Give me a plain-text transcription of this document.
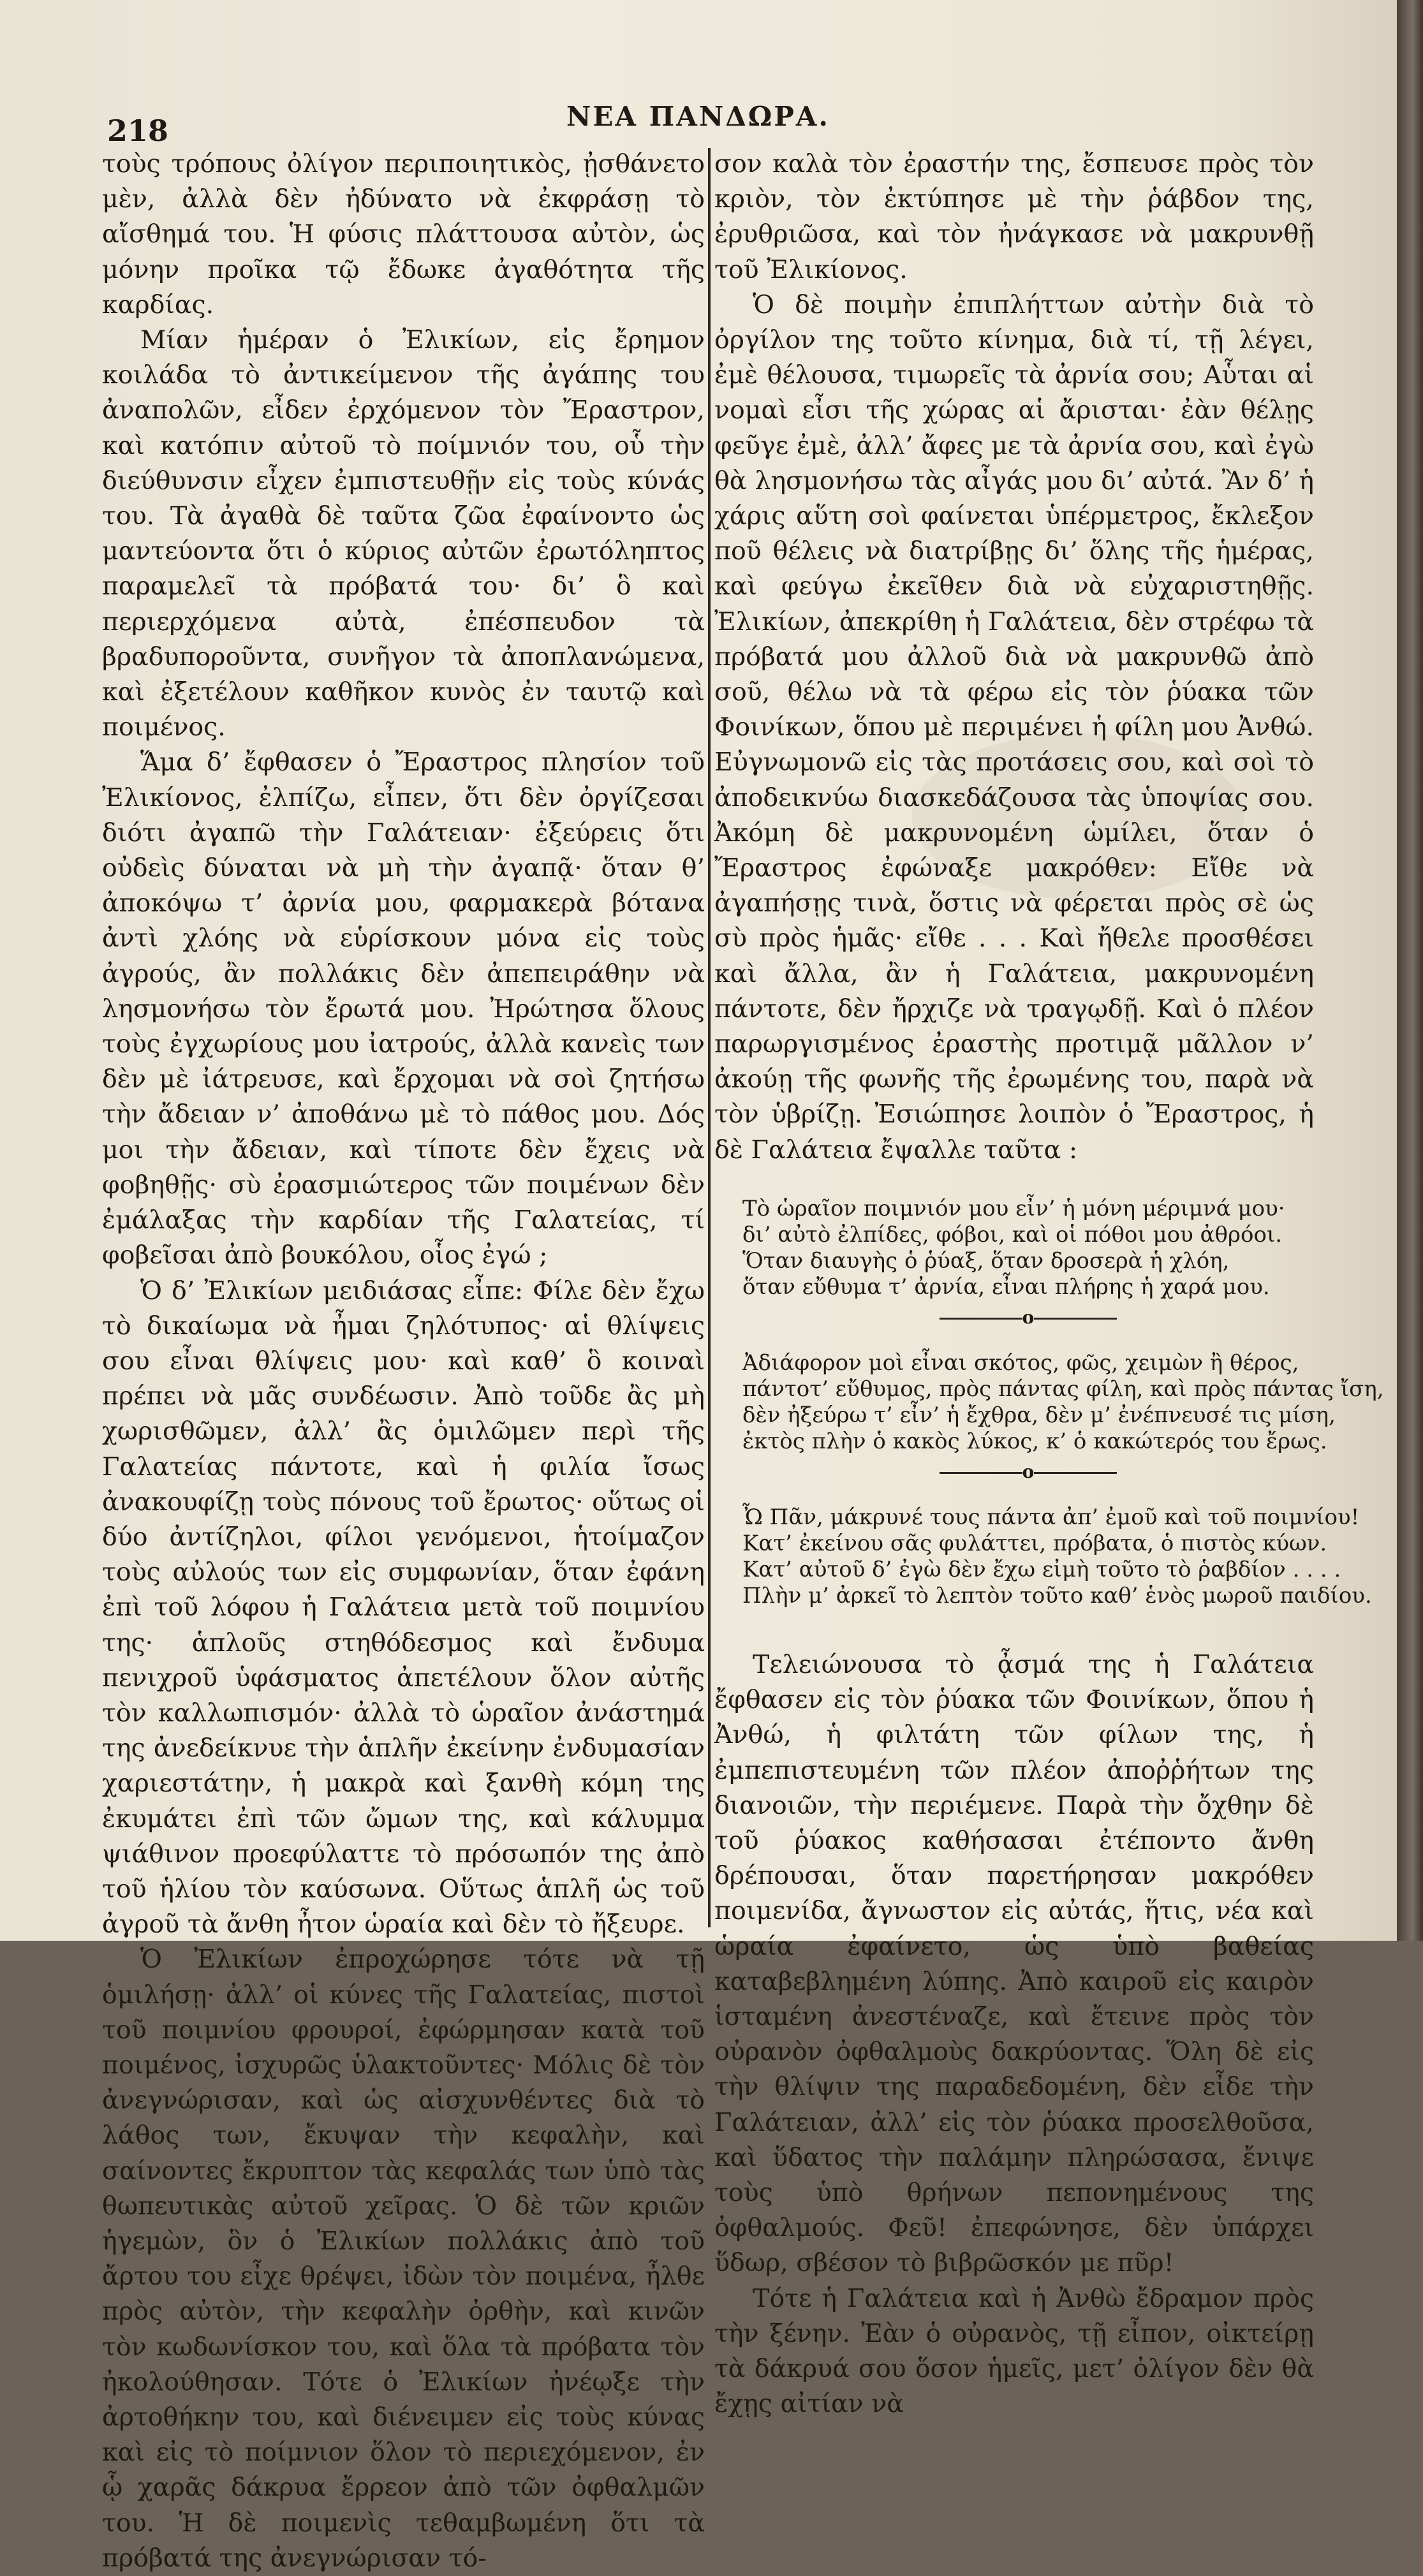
218	ΝΕΑ ΠΑΝΔΩΡΑ.

τοὺς τρόπους ὀλίγον περιποιητικὸς, ᾐσθάνετο μὲν, ἀλλὰ δὲν ἠδύνατο νὰ ἐκφράσῃ τὸ αἴσθημά του. Ἡ φύσις πλάττουσα αὐτὸν, ὡς μόνην προῖκα τῷ ἔδωκε ἀγαθότητα τῆς καρδίας.

Μίαν ἡμέραν ὁ Ἐλικίων, εἰς ἔρημον κοιλάδα τὸ ἀντικείμενον τῆς ἀγάπης του ἀναπολῶν, εἶδεν ἐρχόμενον τὸν Ἔραστρον, καὶ κατόπιν αὐτοῦ τὸ ποίμνιόν του, οὗ τὴν διεύθυνσιν εἶχεν ἐμπιστευθῇν εἰς τοὺς κύνάς του. Τὰ ἀγαθὰ δὲ ταῦτα ζῶα ἐφαίνοντο ὡς μαντεύοντα ὅτι ὁ κύριος αὐτῶν ἐρωτόληπτος παραμελεῖ τὰ πρόβατά του· δι’ ὃ καὶ περιερχόμενα αὐτὰ, ἐπέσπευδον τὰ βραδυποροῦντα, συνῆγον τὰ ἀποπλανώμενα, καὶ ἐξετέλουν καθῆκον κυνὸς ἐν ταυτῷ καὶ ποιμένος.

Ἅμα δ’ ἔφθασεν ὁ Ἔραστρος πλησίον τοῦ Ἐλικίονος, ἐλπίζω, εἶπεν, ὅτι δὲν ὀργίζεσαι διότι ἀγαπῶ τὴν Γαλάτειαν· ἐξεύρεις ὅτι οὐδεὶς δύναται νὰ μὴ τὴν ἀγαπᾷ· ὅταν θ’ ἀποκόψω τ’ ἀρνία μου, φαρμακερὰ βότανα ἀντὶ χλόης νὰ εὑρίσκουν μόνα εἰς τοὺς ἀγρούς, ἂν πολλάκις δὲν ἀπεπειράθην νὰ λησμονήσω τὸν ἔρωτά μου. Ἠρώτησα ὅλους τοὺς ἐγχωρίους μου ἰατρούς, ἀλλὰ κανεὶς των δὲν μὲ ἰάτρευσε, καὶ ἔρχομαι νὰ σοὶ ζητήσω τὴν ἄδειαν ν’ ἀποθάνω μὲ τὸ πάθος μου. Δός μοι τὴν ἄδειαν, καὶ τίποτε δὲν ἔχεις νὰ φοβηθῇς· σὺ ἐρασμιώτερος τῶν ποιμένων δὲν ἐμάλαξας τὴν καρδίαν τῆς Γαλατείας, τί φοβεῖσαι ἀπὸ βουκόλου, οἷος ἐγώ ;

Ὁ δ’ Ἐλικίων μειδιάσας εἶπε: Φίλε δὲν ἔχω τὸ δικαίωμα νὰ ἦμαι ζηλότυπος· αἱ θλίψεις σου εἶναι θλίψεις μου· καὶ καθ’ ὃ κοιναὶ πρέπει νὰ μᾶς συνδέωσιν. Ἀπὸ τοῦδε ἂς μὴ χωρισθῶμεν, ἀλλ’ ἂς ὁμιλῶμεν περὶ τῆς Γαλατείας πάντοτε, καὶ ἡ φιλία ἴσως ἀνακουφίζῃ τοὺς πόνους τοῦ ἔρωτος· οὕτως οἱ δύο ἀντίζηλοι, φίλοι γενόμενοι, ἡτοίμαζον τοὺς αὐλούς των εἰς συμφωνίαν, ὅταν ἐφάνη ἐπὶ τοῦ λόφου ἡ Γαλάτεια μετὰ τοῦ ποιμνίου της· ἁπλοῦς στηθόδεσμος καὶ ἔνδυμα πενιχροῦ ὑφάσματος ἀπετέλουν ὅλον αὐτῆς τὸν καλλωπισμόν· ἀλλὰ τὸ ὡραῖον ἀνάστημά της ἀνεδείκνυε τὴν ἁπλῆν ἐκείνην ἐνδυμασίαν χαριεστάτην, ἡ μακρὰ καὶ ξανθὴ κόμη της ἐκυμάτει ἐπὶ τῶν ὤμων της, καὶ κάλυμμα ψιάθινον προεφύλαττε τὸ πρόσωπόν της ἀπὸ τοῦ ἡλίου τὸν καύσωνα. Οὕτως ἁπλῆ ὡς τοῦ ἀγροῦ τὰ ἄνθη ἦτον ὡραία καὶ δὲν τὸ ἤξευρε.

Ὁ Ἐλικίων ἐπροχώρησε τότε νὰ τῇ ὁμιλήσῃ· ἀλλ’ οἱ κύνες τῆς Γαλατείας, πιστοὶ τοῦ ποιμνίου φρουροί, ἐφώρμησαν κατὰ τοῦ ποιμένος, ἰσχυρῶς ὑλακτοῦντες· Μόλις δὲ τὸν ἀνεγνώρισαν, καὶ ὡς αἰσχυνθέντες διὰ τὸ λάθος των, ἔκυψαν τὴν κεφαλὴν, καὶ σαίνοντες ἔκρυπτον τὰς κεφαλάς των ὑπὸ τὰς θωπευτικὰς αὐτοῦ χεῖρας. Ὁ δὲ τῶν κριῶν ἡγεμὼν, ὃν ὁ Ἐλικίων πολλάκις ἀπὸ τοῦ ἄρτου του εἶχε θρέψει, ἰδὼν τὸν ποιμένα, ἦλθε πρὸς αὐτὸν, τὴν κεφαλὴν ὀρθὴν, καὶ κινῶν τὸν κωδωνίσκον του, καὶ ὅλα τὰ πρόβατα τὸν ἠκολούθησαν. Τότε ὁ Ἐλικίων ἠνέῳξε τὴν ἀρτοθήκην του, καὶ διένειμεν εἰς τοὺς κύνας καὶ εἰς τὸ ποίμνιον ὅλον τὸ περιεχόμενον, ἐν ᾧ χαρᾶς δάκρυα ἔρρεον ἀπὸ τῶν ὀφθαλμῶν του. Ἡ δὲ ποιμενὶς τεθαμβωμένη ὅτι τὰ πρόβατά της ἀνεγνώρισαν τό-

σον καλὰ τὸν ἐραστήν της, ἔσπευσε πρὸς τὸν κριὸν, τὸν ἐκτύπησε μὲ τὴν ῥάβδον της, ἐρυθριῶσα, καὶ τὸν ἠνάγκασε νὰ μακρυνθῇ τοῦ Ἐλικίονος.

Ὁ δὲ ποιμὴν ἐπιπλήττων αὐτὴν διὰ τὸ ὀργίλον της τοῦτο κίνημα, διὰ τί, τῇ λέγει, ἐμὲ θέλουσα, τιμωρεῖς τὰ ἀρνία σου; Αὗται αἱ νομαὶ εἶσι τῆς χώρας αἱ ἄρισται· ἐὰν θέλῃς φεῦγε ἐμὲ, ἀλλ’ ἄφες με τὰ ἀρνία σου, καὶ ἐγὼ θὰ λησμονήσω τὰς αἶγάς μου δι’ αὐτά. Ἂν δ’ ἡ χάρις αὕτη σοὶ φαίνεται ὑπέρμετρος, ἔκλεξον ποῦ θέλεις νὰ διατρίβῃς δι’ ὅλης τῆς ἡμέρας, καὶ φεύγω ἐκεῖθεν διὰ νὰ εὐχαριστηθῇς. Ἐλικίων, ἀπεκρίθη ἡ Γαλάτεια, δὲν στρέφω τὰ πρόβατά μου ἀλλοῦ διὰ νὰ μακρυνθῶ ἀπὸ σοῦ, θέλω νὰ τὰ φέρω εἰς τὸν ῥύακα τῶν Φοινίκων, ὅπου μὲ περιμένει ἡ φίλη μου Ἀνθώ. Εὐγνωμονῶ εἰς τὰς προτάσεις σου, καὶ σοὶ τὸ ἀποδεικνύω διασκεδάζουσα τὰς ὑποψίας σου. Ἀκόμη δὲ μακρυνομένη ὡμίλει, ὅταν ὁ Ἔραστρος ἐφώναξε μακρόθεν: Εἴθε νὰ ἀγαπήσῃς τινὰ, ὅστις νὰ φέρεται πρὸς σὲ ὡς σὺ πρὸς ἡμᾶς· εἴθε . . . Καὶ ἤθελε προσθέσει καὶ ἄλλα, ἂν ἡ Γαλάτεια, μακρυνομένη πάντοτε, δὲν ἤρχιζε νὰ τραγῳδῇ. Καὶ ὁ πλέον παρωργισμένος ἐραστὴς προτιμᾷ μᾶλλον ν’ ἀκούῃ τῆς φωνῆς τῆς ἐρωμένης του, παρὰ νὰ τὸν ὑβρίζῃ. Ἐσιώπησε λοιπὸν ὁ Ἔραστρος, ἡ δὲ Γαλάτεια ἔψαλλε ταῦτα :

Τὸ ὡραῖον ποιμνιόν μου εἶν’ ἡ μόνη μέριμνά μου·
δι’ αὐτὸ ἐλπίδες, φόβοι, καὶ οἱ πόθοι μου ἀθρόοι.
Ὅταν διαυγὴς ὁ ῥύαξ, ὅταν δροσερὰ ἡ χλόη,
ὅταν εὔθυμα τ’ ἀρνία, εἶναι πλήρης ἡ χαρά μου.
o
Ἀδιάφορον μοὶ εἶναι σκότος, φῶς, χειμὼν ἢ θέρος,
πάντοτ’ εὔθυμος, πρὸς πάντας φίλη, καὶ πρὸς πάντας ἴση,
δὲν ἠξεύρω τ’ εἶν’ ἡ ἔχθρα, δὲν μ’ ἐνέπνευσέ τις μίση,
ἐκτὸς πλὴν ὁ κακὸς λύκος, κ’ ὁ κακώτερός του ἔρως.
o
Ὦ Πᾶν, μάκρυνέ τους πάντα ἀπ’ ἐμοῦ καὶ τοῦ ποιμνίου!
Κατ’ ἐκείνου σᾶς φυλάττει, πρόβατα, ὁ πιστὸς κύων.
Κατ’ αὐτοῦ δ’ ἐγὼ δὲν ἔχω εἰμὴ τοῦτο τὸ ῥαβδίον . . . .
Πλὴν μ’ ἀρκεῖ τὸ λεπτὸν τοῦτο καθ’ ἑνὸς μωροῦ παιδίου.

Τελειώνουσα τὸ ᾆσμά της ἡ Γαλάτεια ἔφθασεν εἰς τὸν ῥύακα τῶν Φοινίκων, ὅπου ἡ Ἀνθώ, ἡ φιλτάτη τῶν φίλων της, ἡ ἐμπεπιστευμένη τῶν πλέον ἀποῤῥήτων της διανοιῶν, τὴν περιέμενε. Παρὰ τὴν ὄχθην δὲ τοῦ ῥύακος καθήσασαι ἐτέποντο ἄνθη δρέπουσαι, ὅταν παρετήρησαν μακρόθεν ποιμενίδα, ἄγνωστον εἰς αὐτάς, ἥτις, νέα καὶ ὡραία ἐφαίνετο, ὡς ὑπὸ βαθείας καταβεβλημένη λύπης. Ἀπὸ καιροῦ εἰς καιρὸν ἱσταμένη ἀνεστέναζε, καὶ ἔτεινε πρὸς τὸν οὐρανὸν ὀφθαλμοὺς δακρύοντας. Ὅλη δὲ εἰς τὴν θλίψιν της παραδεδομένη, δὲν εἶδε τὴν Γαλάτειαν, ἀλλ’ εἰς τὸν ῥύακα προσελθοῦσα, καὶ ὕδατος τὴν παλάμην πληρώσασα, ἔνιψε τοὺς ὑπὸ θρήνων πεπονημένους της ὀφθαλμούς. Φεῦ! ἐπεφώνησε, δὲν ὑπάρχει ὕδωρ, σβέσον τὸ βιβρῶσκόν με πῦρ!

Τότε ἡ Γαλάτεια καὶ ἡ Ἀνθὼ ἔδραμον πρὸς τὴν ξένην. Ἐὰν ὁ οὐρανὸς, τῇ εἶπον, οἰκτείρῃ τὰ δάκρυά σου ὅσον ἡμεῖς, μετ’ ὀλίγον δὲν θὰ ἔχῃς αἰτίαν νὰ
